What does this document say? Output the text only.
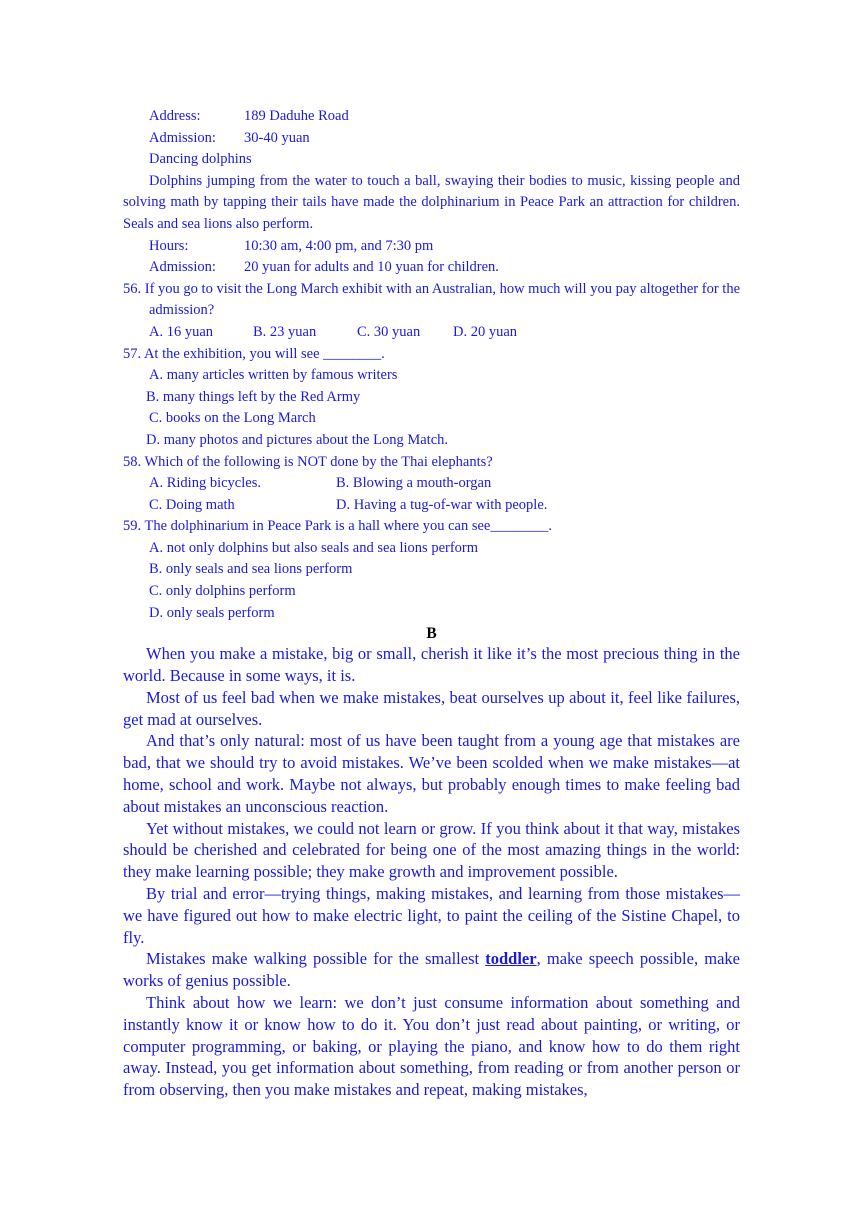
Address:	189 Daduhe Road
Admission: 30-40 yuan
Dancing dolphins
Dolphins jumping from the water to touch a ball, swaying their bodies to music, kissing people and solving math by tapping their tails have made the dolphinarium in Peace Park an attraction for children. Seals and sea lions also perform.
Hours:	10:30 am, 4:00 pm, and 7:30 pm
Admission: 20 yuan for adults and 10 yuan for children.
56. If you go to visit the Long March exhibit with an Australian, how much will you pay altogether for the admission?
A. 16 yuan	B. 23 yuan	C. 30 yuan D. 20 yuan
57. At the exhibition, you will see ________.
A. many articles written by famous writers
B. many things left by the Red Army
C. books on the Long March
D. many photos and pictures about the Long Match.
58. Which of the following is NOT done by the Thai elephants?
A. Riding bicycles.	B. Blowing a mouth-organ
C. Doing math	D. Having a tug-of-war with people.
59. The dolphinarium in Peace Park is a hall where you can see________.
A. not only dolphins but also seals and sea lions perform
B. only seals and sea lions perform
C. only dolphins perform
D. only seals perform
B
When you make a mistake, big or small, cherish it like it’s the most precious thing in the world. Because in some ways, it is.
Most of us feel bad when we make mistakes, beat ourselves up about it, feel like failures, get mad at ourselves.
And that’s only natural: most of us have been taught from a young age that mistakes are bad, that we should try to avoid mistakes. We’ve been scolded when we make mistakes—at home, school and work. Maybe not always, but probably enough times to make feeling bad about mistakes an unconscious reaction.
Yet without mistakes, we could not learn or grow. If you think about it that way, mistakes should be cherished and celebrated for being one of the most amazing things in the world: they make learning possible; they make growth and improvement possible.
By trial and error—trying things, making mistakes, and learning from those mistakes—we have figured out how to make electric light, to paint the ceiling of the Sistine Chapel, to fly.
Mistakes make walking possible for the smallest toddler, make speech possible, make works of genius possible.
Think about how we learn: we don’t just consume information about something and instantly know it or know how to do it. You don’t just read about painting, or writing, or computer programming, or baking, or playing the piano, and know how to do them right away. Instead, you get information about something, from reading or from another person or from observing, then you make mistakes and repeat, making mistakes,
